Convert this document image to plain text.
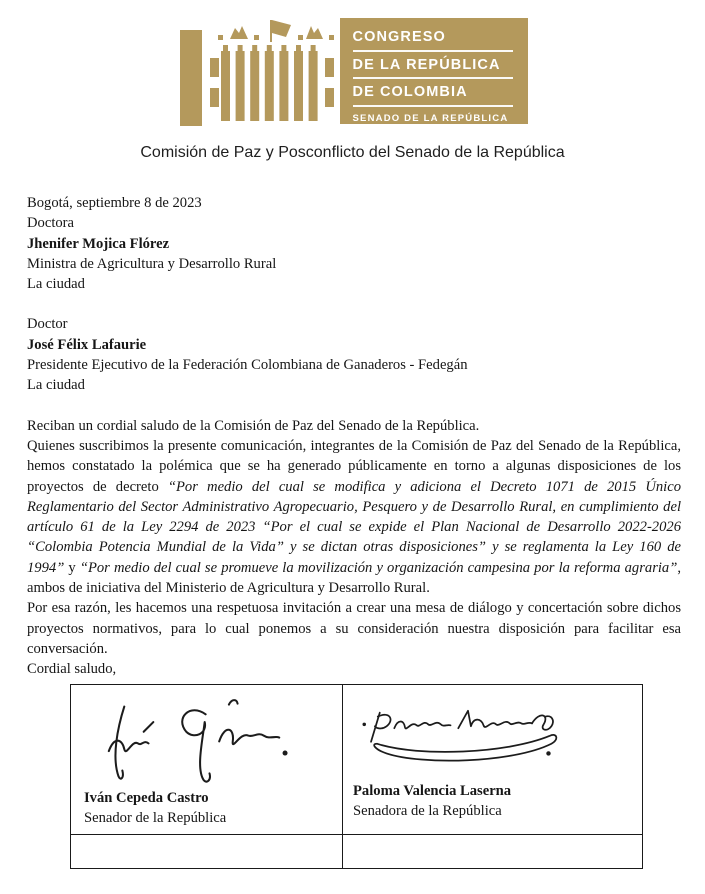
CONGRESO
DE LA REPÚBLICA
DE COLOMBIA
SENADO DE LA REPÚBLICA
Comisión de Paz y Posconflicto del Senado de la República

Bogotá, septiembre 8 de 2023

Doctora

Jhenifer Mojica Flórez

Ministra de Agricultura y Desarrollo Rural

La ciudad

Doctor

José Félix Lafaurie

Presidente Ejecutivo de la Federación Colombiana de Ganaderos - Fedegán

La ciudad

Reciban un cordial saludo de la Comisión de Paz del Senado de la República.

Quienes suscribimos la presente comunicación, integrantes de la Comisión de Paz del Senado de la República, hemos constatado la polémica que se ha generado públicamente en torno a algunas disposiciones de los proyectos de decreto “Por medio del cual se modifica y adiciona el Decreto 1071 de 2015 Único Reglamentario del Sector Administrativo Agropecuario, Pesquero y de Desarrollo Rural, en cumplimiento del artículo 61 de la Ley 2294 de 2023 “Por el cual se expide el Plan Nacional de Desarrollo 2022-2026 “Colombia Potencia Mundial de la Vida” y se dictan otras disposiciones” y se reglamenta la Ley 160 de 1994” y “Por medio del cual se promueve la movilización y organización campesina por la reforma agraria”, ambos de iniciativa del Ministerio de Agricultura y Desarrollo Rural.

Por esa razón, les hacemos una respetuosa invitación a crear una mesa de diálogo y concertación sobre dichos proyectos normativos, para lo cual ponemos a su consideración nuestra disposición para facilitar esa conversación.

Cordial saludo,

Iván Cepeda Castro
Senador de la República

Paloma Valencia Laserna
Senadora de la República
